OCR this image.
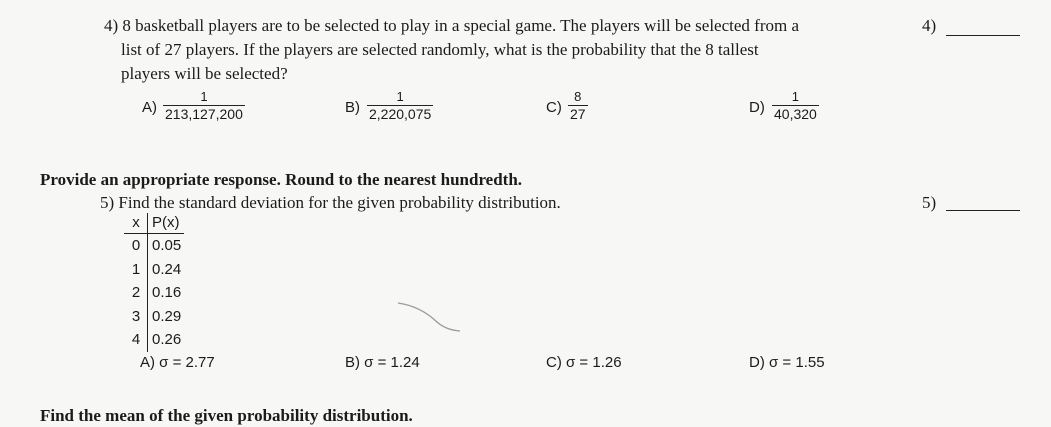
4) 8 basketball players are to be selected to play in a special game. The players will be selected from a
list of 27 players. If the players are selected randomly, what is the probability that the 8 tallest
players will be selected?
4)
$A) \frac{1}{213,127,200}$	$B) \frac{1}{2,220,075}$	$C) \frac{8}{27}$	$D) \frac{1}{40,320}$
Provide an appropriate response. Round to the nearest hundredth.
5) Find the standard deviation for the given probability distribution.	5)
x	P(x)
0	0.05
1	0.24
2	0.16
3	0.29
4	0.26
A) σ = 2.77	B) σ = 1.24	C) σ = 1.26	D) σ = 1.55
Find the mean of the given probability distribution.
